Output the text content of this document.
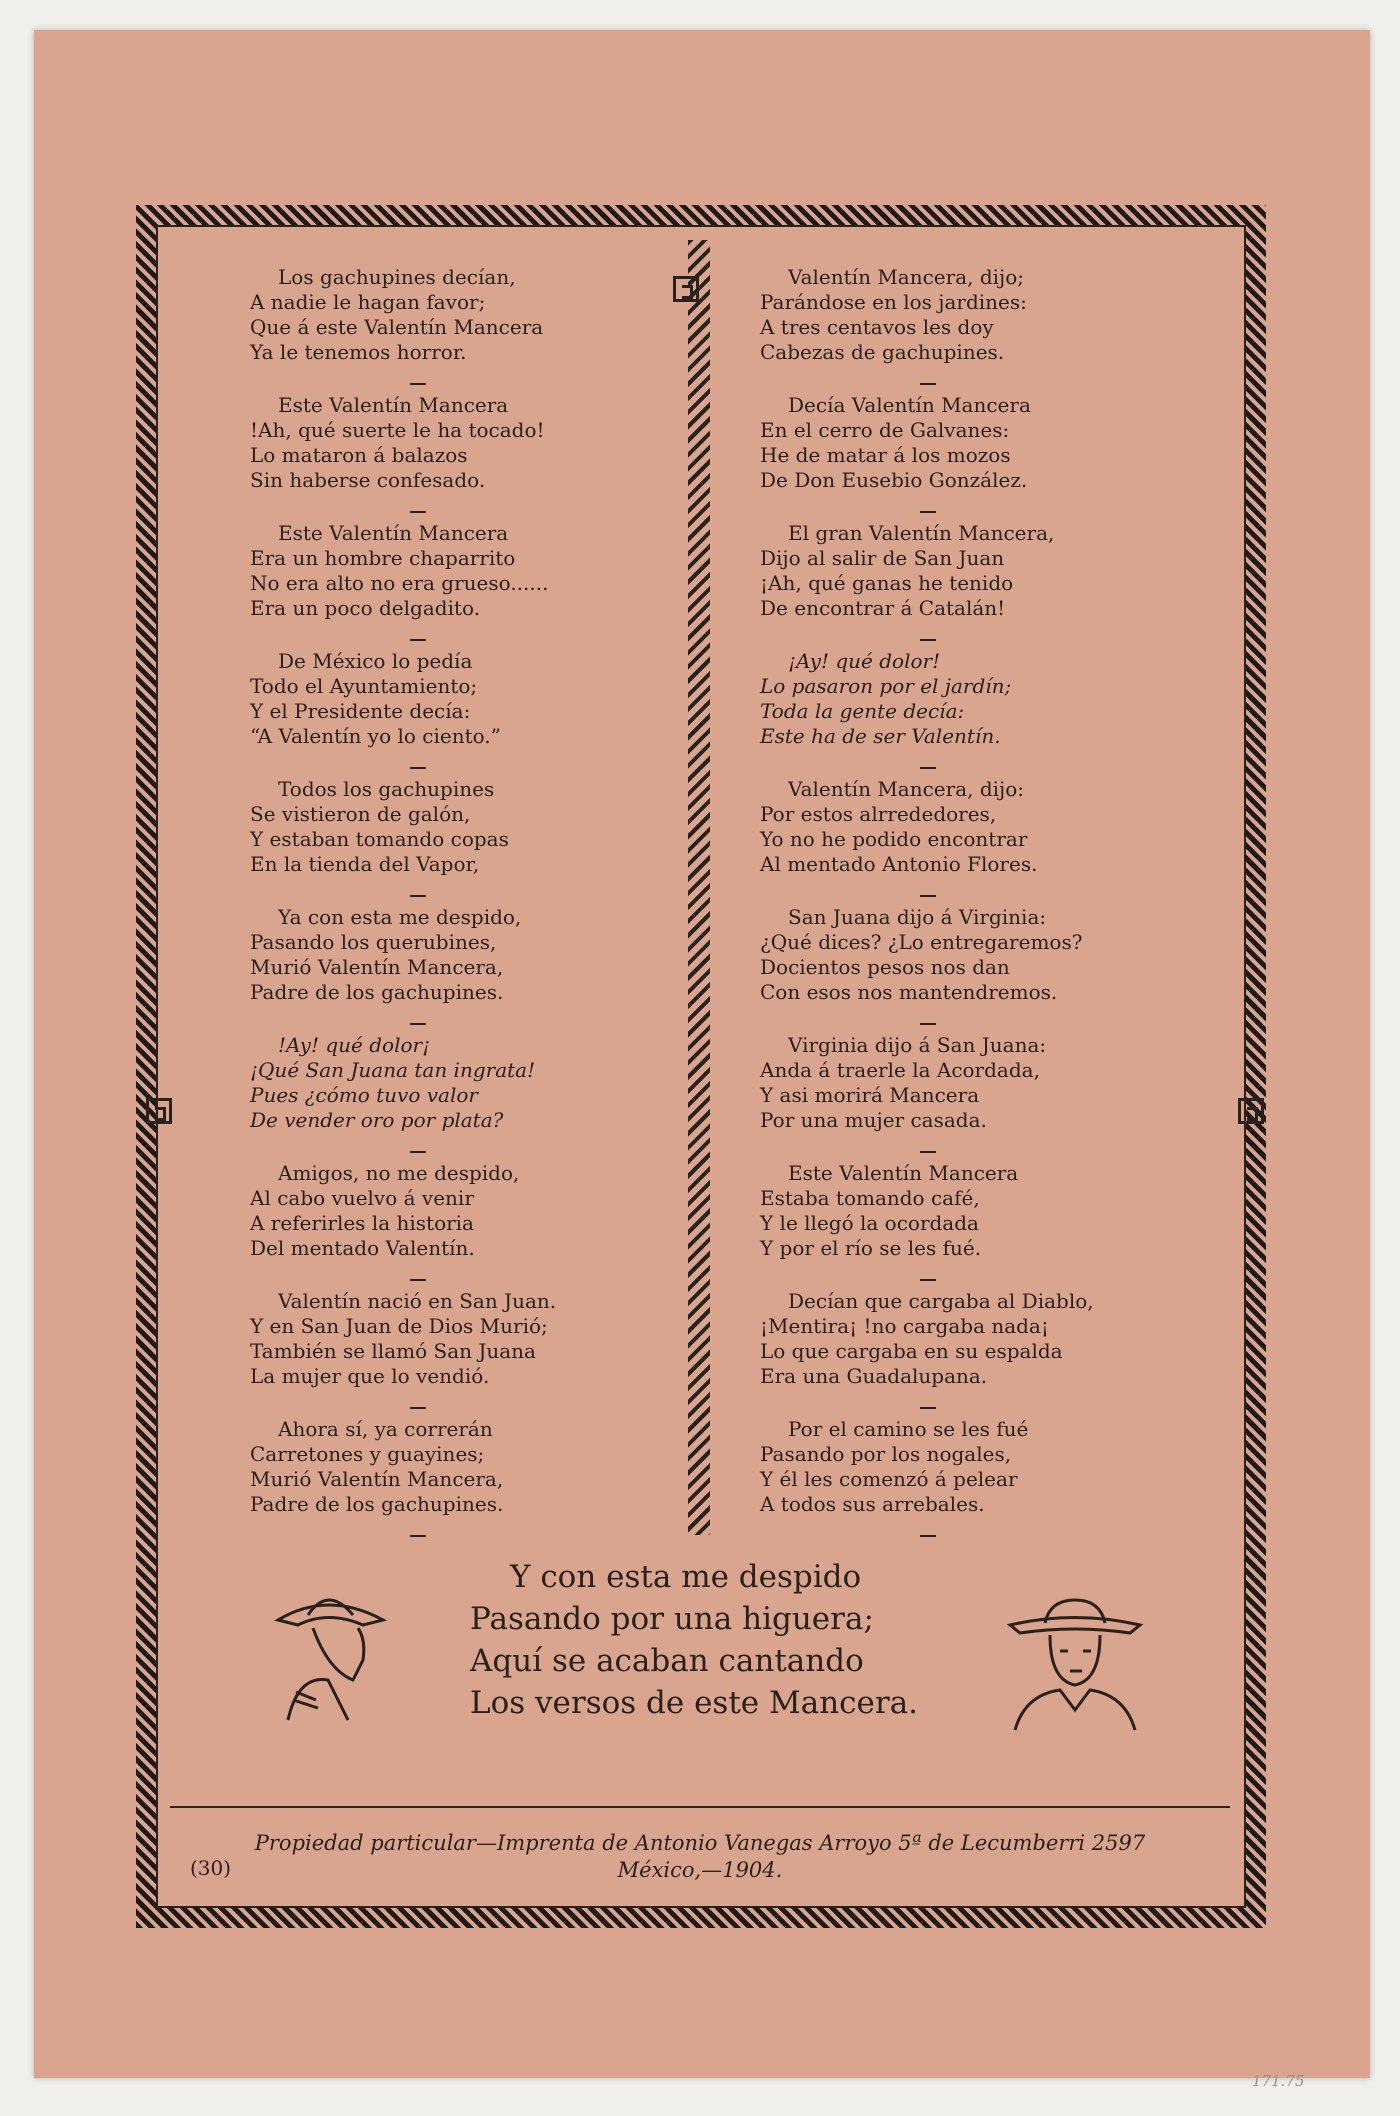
Los gachupines decían,
A nadie le hagan favor;
Que á este Valentín Mancera
Ya le tenemos horror.
Este Valentín Mancera
!Ah, qué suerte le ha tocado!
Lo mataron á balazos
Sin haberse confesado.
Este Valentín Mancera
Era un hombre chaparrito
No era alto no era grueso......
Era un poco delgadito.
De México lo pedía
Todo el Ayuntamiento;
Y el Presidente decía:
“A Valentín yo lo ciento.”
Todos los gachupines
Se vistieron de galón,
Y estaban tomando copas
En la tienda del Vapor,
Ya con esta me despido,
Pasando los querubines,
Murió Valentín Mancera,
Padre de los gachupines.
!Ay! qué dolor¡
¡Qué San Juana tan ingrata!
Pues ¿cómo tuvo valor
De vender oro por plata?
Amigos, no me despido,
Al cabo vuelvo á venir
A referirles la historia
Del mentado Valentín.
Valentín nació en San Juan.
Y en San Juan de Dios Murió;
También se llamó San Juana
La mujer que lo vendió.
Ahora sí, ya correrán
Carretones y guayines;
Murió Valentín Mancera,
Padre de los gachupines.
Valentín Mancera, dijo;
Parándose en los jardines:
A tres centavos les doy
Cabezas de gachupines.
Decía Valentín Mancera
En el cerro de Galvanes:
He de matar á los mozos
De Don Eusebio González.
El gran Valentín Mancera,
Dijo al salir de San Juan
¡Ah, qué ganas he tenido
De encontrar á Catalán!
¡Ay! qué dolor!
Lo pasaron por el jardín;
Toda la gente decía:
Este ha de ser Valentín.
Valentín Mancera, dijo:
Por estos alrrededores,
Yo no he podido encontrar
Al mentado Antonio Flores.
San Juana dijo á Virginia:
¿Qué dices? ¿Lo entregaremos?
Docientos pesos nos dan
Con esos nos mantendremos.
Virginia dijo á San Juana:
Anda á traerle la Acordada,
Y asi morirá Mancera
Por una mujer casada.
Este Valentín Mancera
Estaba tomando café,
Y le llegó la ocordada
Y por el río se les fué.
Decían que cargaba al Diablo,
¡Mentira¡ !no cargaba nada¡
Lo que cargaba en su espalda
Era una Guadalupana.
Por el camino se les fué
Pasando por los nogales,
Y él les comenzó á pelear
A todos sus arrebales.
Y con esta me despido
Pasando por una higuera;
Aquí se acaban cantando
Los versos de este Mancera.
Propiedad particular—Imprenta de Antonio Vanegas Arroyo 5ª de Lecumberri 2597
México,—1904.
(30)
171.75
